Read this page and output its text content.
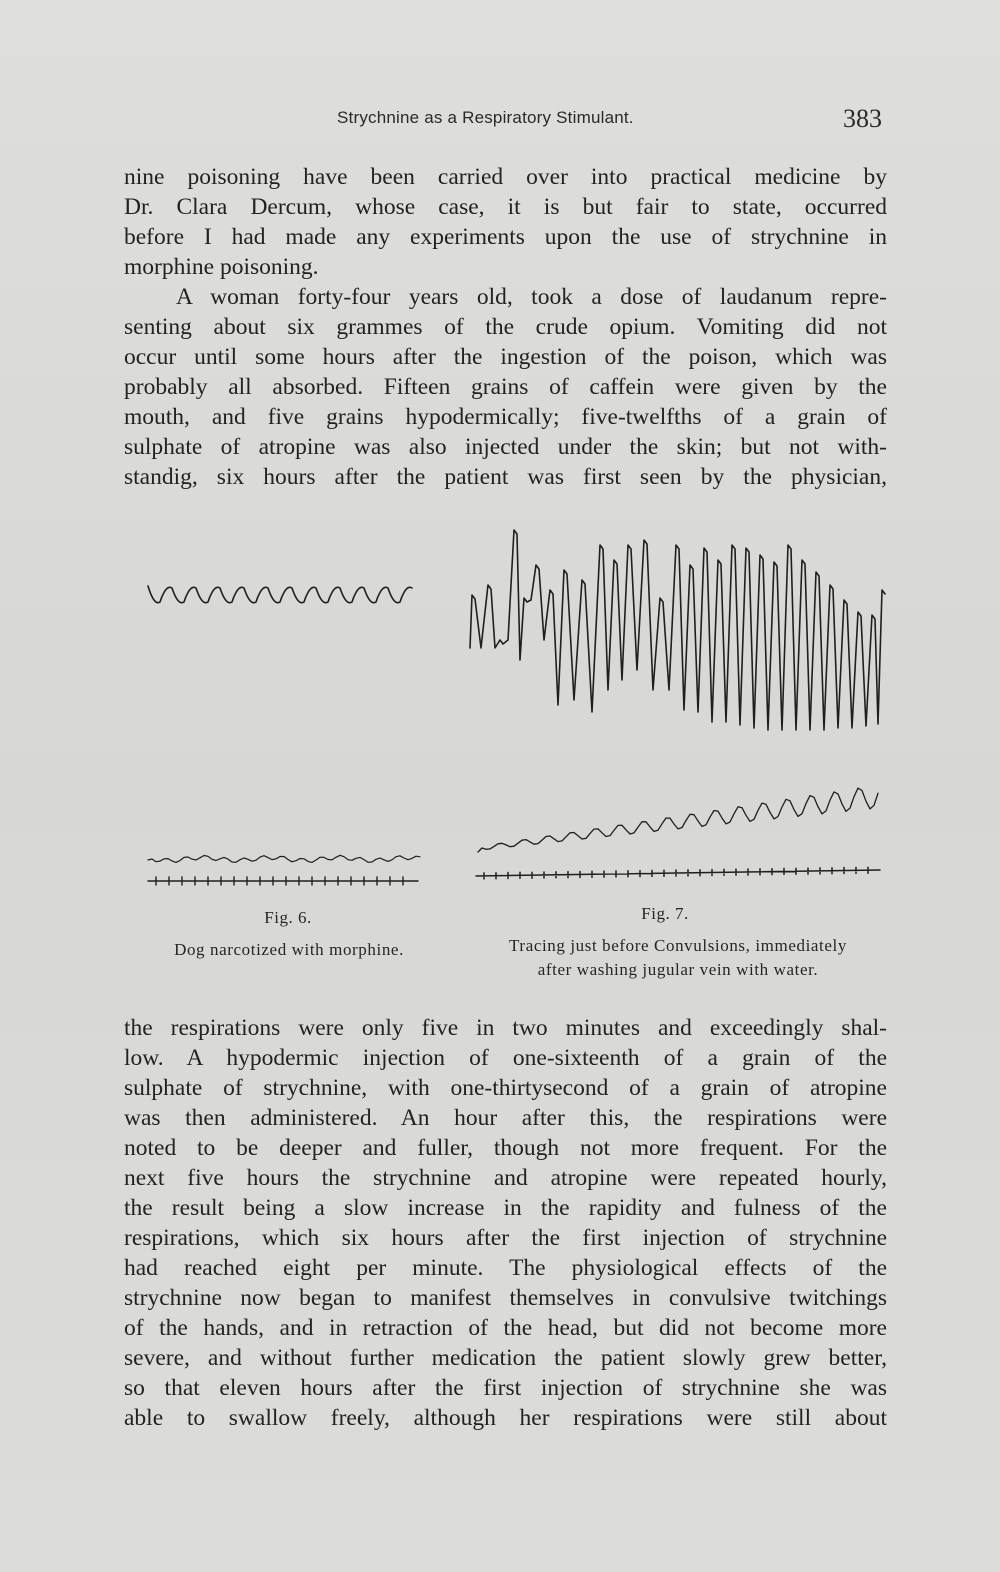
Strychnine as a Respiratory Stimulant.	383
nine poisoning have been carried over into practical medicine by
Dr. Clara Dercum, whose case, it is but fair to state, occurred
before I had made any experiments upon the use of strychnine in
morphine poisoning.
A woman forty-four years old, took a dose of laudanum repre-
senting about six grammes of the crude opium. Vomiting did not
occur until some hours after the ingestion of the poison, which was
probably all absorbed. Fifteen grains of caffein were given by the
mouth, and five grains hypodermically; five-twelfths of a grain of
sulphate of atropine was also injected under the skin; but not with-
standig, six hours after the patient was first seen by the physician,
Fig. 6.
Dog narcotized with morphine.
Fig. 7.
Tracing just before Convulsions, immediately
after washing jugular vein with water.
the respirations were only five in two minutes and exceedingly shal-
low. A hypodermic injection of one-sixteenth of a grain of the
sulphate of strychnine, with one-thirtysecond of a grain of atropine
was then administered. An hour after this, the respirations were
noted to be deeper and fuller, though not more frequent. For the
next five hours the strychnine and atropine were repeated hourly,
the result being a slow increase in the rapidity and fulness of the
respirations, which six hours after the first injection of strychnine
had reached eight per minute. The physiological effects of the
strychnine now began to manifest themselves in convulsive twitchings
of the hands, and in retraction of the head, but did not become more
severe, and without further medication the patient slowly grew better,
so that eleven hours after the first injection of strychnine she was
able to swallow freely, although her respirations were still about
